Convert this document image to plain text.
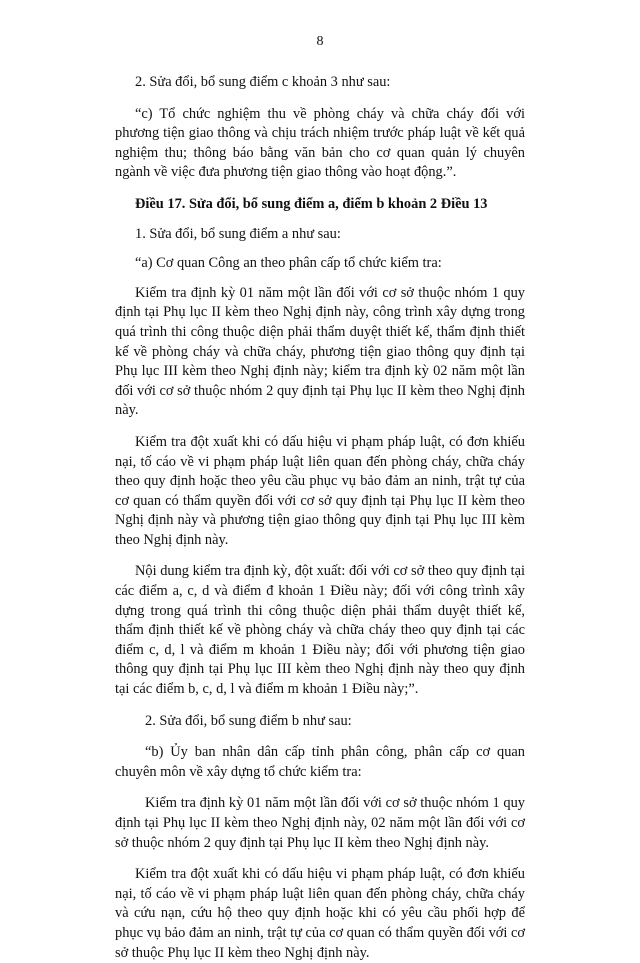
8

2. Sửa đổi, bổ sung điểm c khoản 3 như sau:

“c) Tổ chức nghiệm thu về phòng cháy và chữa cháy đối với phương tiện giao thông và chịu trách nhiệm trước pháp luật về kết quả nghiệm thu; thông báo bằng văn bản cho cơ quan quản lý chuyên ngành về việc đưa phương tiện giao thông vào hoạt động.”.

Điều 17. Sửa đổi, bổ sung điểm a, điểm b khoản 2 Điều 13

1. Sửa đổi, bổ sung điểm a như sau:

“a) Cơ quan Công an theo phân cấp tổ chức kiểm tra:

Kiểm tra định kỳ 01 năm một lần đối với cơ sở thuộc nhóm 1 quy định tại Phụ lục II kèm theo Nghị định này, công trình xây dựng trong quá trình thi công thuộc diện phải thẩm duyệt thiết kế, thẩm định thiết kế về phòng cháy và chữa cháy, phương tiện giao thông quy định tại Phụ lục III kèm theo Nghị định này; kiểm tra định kỳ 02 năm một lần đối với cơ sở thuộc nhóm 2 quy định tại Phụ lục II kèm theo Nghị định này.

Kiểm tra đột xuất khi có dấu hiệu vi phạm pháp luật, có đơn khiếu nại, tố cáo về vi phạm pháp luật liên quan đến phòng cháy, chữa cháy theo quy định hoặc theo yêu cầu phục vụ bảo đảm an ninh, trật tự của cơ quan có thẩm quyền đối với cơ sở quy định tại Phụ lục II kèm theo Nghị định này và phương tiện giao thông quy định tại Phụ lục III kèm theo Nghị định này.

Nội dung kiểm tra định kỳ, đột xuất: đối với cơ sở theo quy định tại các điểm a, c, d và điểm đ khoản 1 Điều này; đối với công trình xây dựng trong quá trình thi công thuộc diện phải thẩm duyệt thiết kế, thẩm định thiết kế về phòng cháy và chữa cháy theo quy định tại các điểm c, d, l và điểm m khoản 1 Điều này; đối với phương tiện giao thông quy định tại Phụ lục III kèm theo Nghị định này theo quy định tại các điểm b, c, d, l và điểm m khoản 1 Điều này;”.

2. Sửa đổi, bổ sung điểm b như sau:

“b) Ủy ban nhân dân cấp tỉnh phân công, phân cấp cơ quan chuyên môn về xây dựng tổ chức kiểm tra:

Kiểm tra định kỳ 01 năm một lần đối với cơ sở thuộc nhóm 1 quy định tại Phụ lục II kèm theo Nghị định này, 02 năm một lần đối với cơ sở thuộc nhóm 2 quy định tại Phụ lục II kèm theo Nghị định này.

Kiểm tra đột xuất khi có dấu hiệu vi phạm pháp luật, có đơn khiếu nại, tố cáo về vi phạm pháp luật liên quan đến phòng cháy, chữa cháy và cứu nạn, cứu hộ theo quy định hoặc khi có yêu cầu phối hợp để phục vụ bảo đảm an ninh, trật tự của cơ quan có thẩm quyền đối với cơ sở thuộc Phụ lục II kèm theo Nghị định này.
